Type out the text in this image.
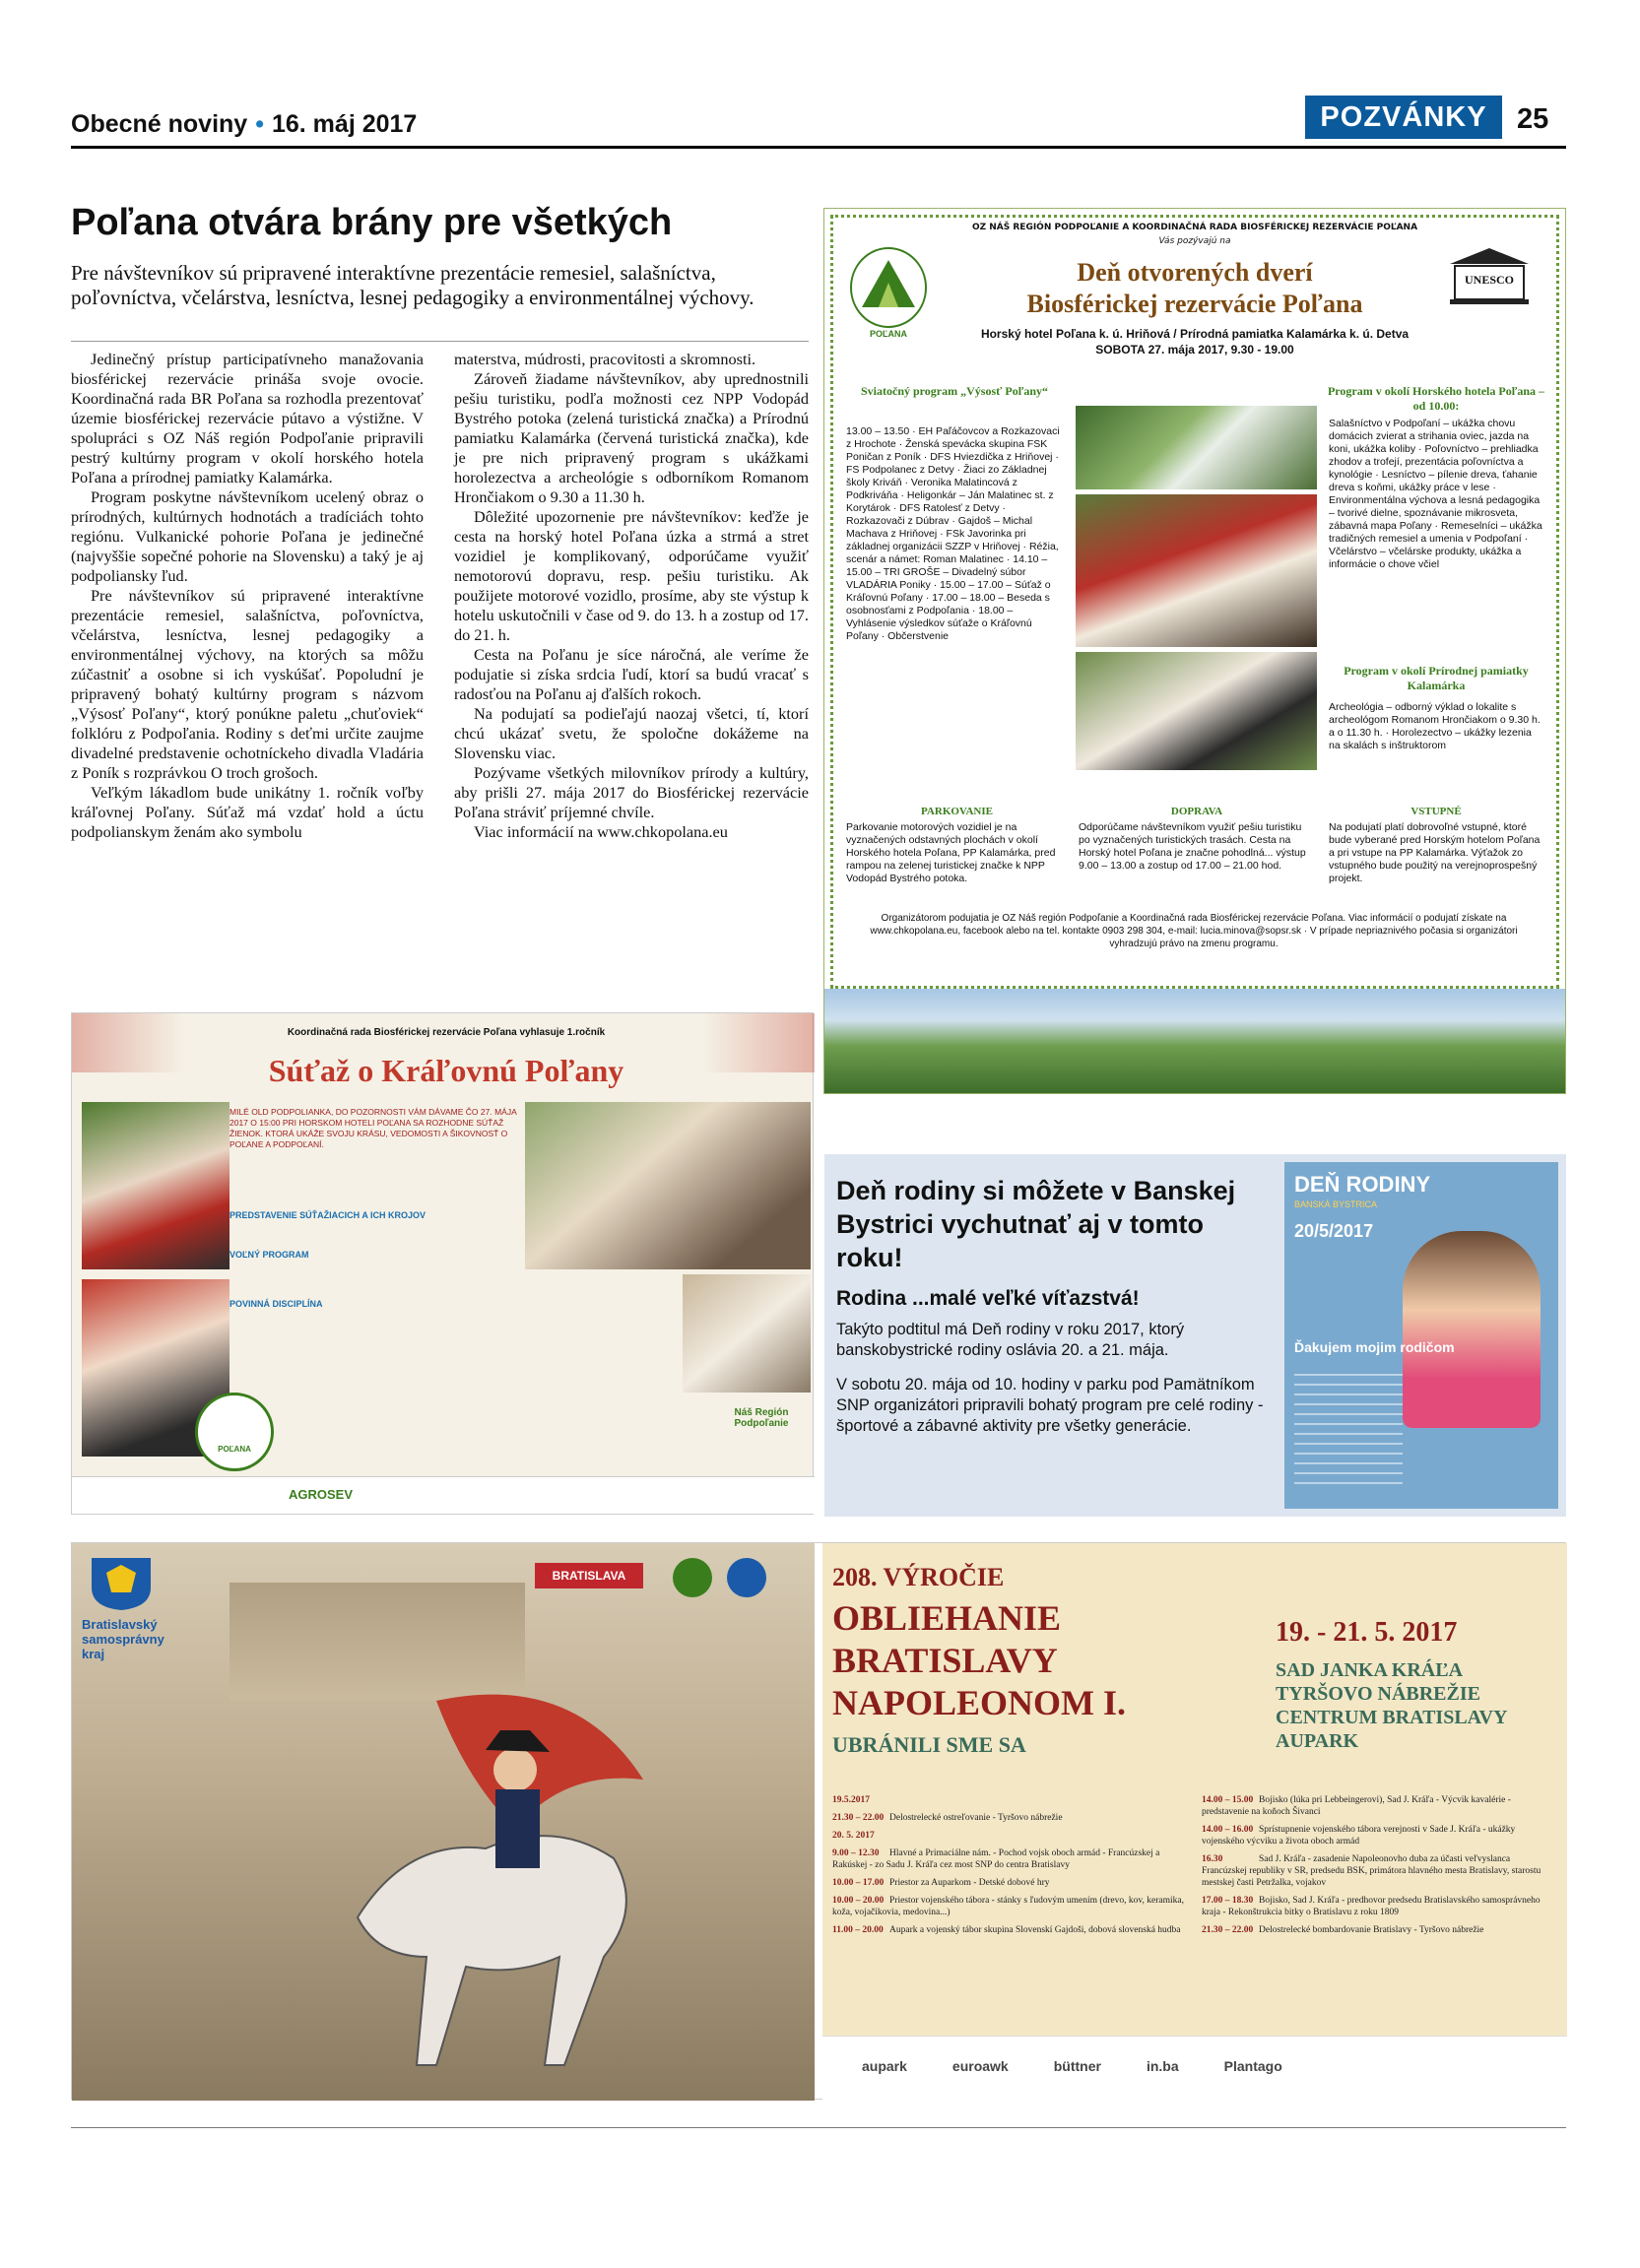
Obecné noviny • 16. máj 2017	POZVÁNKY	25
Poľana otvára brány pre všetkých
Pre návštevníkov sú pripravené interaktívne prezentácie remesiel, salašníctva, poľovníctva, včelárstva, lesníctva, lesnej pedagogiky a environmentálnej výchovy.

Jedinečný prístup participatívneho manažovania biosférickej rezervácie prináša svoje ovocie. Koordinačná rada BR Poľana sa rozhodla prezentovať územie biosférickej rezervácie pútavo a výstižne. V spolupráci s OZ Náš región Podpoľanie pripravili pestrý kultúrny program v okolí horského hotela Poľana a prírodnej pamiatky Kalamárka.

Program poskytne návštevníkom ucelený obraz o prírodných, kultúrnych hodnotách a tradíciách tohto regiónu. Vulkanické pohorie Poľana je jedinečné (najvyššie sopečné pohorie na Slovensku) a taký je aj podpoliansky ľud.

Pre návštevníkov sú pripravené interaktívne prezentácie remesiel, salašníctva, poľovníctva, včelárstva, lesníctva, lesnej pedagogiky a environmentálnej výchovy, na ktorých sa môžu zúčastniť a osobne si ich vyskúšať. Popoludní je pripravený bohatý kultúrny program s názvom „Výsosť Poľany“, ktorý ponúkne paletu „chuťoviek“ folklóru z Podpoľania. Rodiny s deťmi určite zaujme divadelné predstavenie ochotníckeho divadla Vladária z Poník s rozprávkou O troch grošoch.

Veľkým lákadlom bude unikátny 1. ročník voľby kráľovnej Poľany. Súťaž má vzdať hold a úctu podpolianskym ženám ako symbolu

materstva, múdrosti, pracovitosti a skromnosti.

Zároveň žiadame návštevníkov, aby uprednostnili pešiu turistiku, podľa možnosti cez NPP Vodopád Bystrého potoka (zelená turistická značka) a Prírodnú pamiatku Kalamárka (červená turistická značka), kde je pre nich pripravený program s ukážkami horolezectva a archeológie s odborníkom Romanom Hrončiakom o 9.30 a 11.30 h.

Dôležité upozornenie pre návštevníkov: keďže je cesta na horský hotel Poľana úzka a strmá a stret vozidiel je komplikovaný, odporúčame využiť nemotorovú dopravu, resp. pešiu turistiku. Ak použijete motorové vozidlo, prosíme, aby ste výstup k hotelu uskutočnili v čase od 9. do 13. h a zostup od 17. do 21. h.

Cesta na Poľanu je síce náročná, ale veríme že podujatie si získa srdcia ľudí, ktorí sa budú vracať s radosťou na Poľanu aj ďalších rokoch.

Na podujatí sa podieľajú naozaj všetci, tí, ktorí chcú ukázať svetu, že spoločne dokážeme na Slovensku viac.

Pozývame všetkých milovníkov prírody a kultúry, aby prišli 27. mája 2017 do Biosférickej rezervácie Poľana stráviť príjemné chvíle.

Viac informácií na www.chkopolana.eu

OZ NÁŠ REGIÓN PODPOĽANIE A KOORDINAČNÁ RADA BIOSFÉRICKEJ REZERVÁCIE POĽANA
Vás pozývajú na
POĽANA
UNESCO
Deň otvorených dverí
Biosférickej rezervácie Poľana
Horský hotel Poľana k. ú. Hriňová / Prírodná pamiatka Kalamárka k. ú. Detva
SOBOTA 27. mája 2017, 9.30 - 19.00
Sviatočný program „Výsosť Poľany“
13.00 – 13.50 · EH Paľáčovcov a Rozkazovaci z Hrochote · Ženská spevácka skupina FSK Poničan z Poník · DFS Hviezdička z Hriňovej · FS Podpolanec z Detvy · Žiaci zo Základnej školy Kriváň · Veronika Malatincová z Podkriváňa · Heligonkár – Ján Malatinec st. z Korytárok · DFS Ratolesť z Detvy · Rozkazovači z Dúbrav · Gajdoš – Michal Machava z Hriňovej · FSk Javorinka pri základnej organizácii SZZP v Hriňovej · Réžia, scenár a námet: Roman Malatinec · 14.10 – 15.00 – TRI GROŠE – Divadelný súbor VLADÁRIA Poniky · 15.00 – 17.00 – Súťaž o Kráľovnú Poľany · 17.00 – 18.00 – Beseda s osobnosťami z Podpoľania · 18.00 – Vyhlásenie výsledkov súťaže o Kráľovnú Poľany · Občerstvenie
Program v okolí Horského hotela Poľana – od 10.00:
Salašníctvo v Podpoľaní – ukážka chovu domácich zvierat a strihania oviec, jazda na koni, ukážka koliby · Poľovníctvo – prehliadka zhodov a trofejí, prezentácia poľovníctva a kynológie · Lesníctvo – pílenie dreva, ťahanie dreva s koňmi, ukážky práce v lese · Environmentálna výchova a lesná pedagogika – tvorivé dielne, spoznávanie mikrosveta, zábavná mapa Poľany · Remeselníci – ukážka tradičných remesiel a umenia v Podpoľaní · Včelárstvo – včelárske produkty, ukážka a informácie o chove včiel
Program v okolí Prírodnej pamiatky Kalamárka
Archeológia – odborný výklad o lokalite s archeológom Romanom Hrončiakom o 9.30 h. a o 11.30 h. · Horolezectvo – ukážky lezenia na skalách s inštruktorom
PARKOVANIE
Parkovanie motorových vozidiel je na vyznačených odstavných plochách v okolí Horského hotela Poľana, PP Kalamárka, pred rampou na zelenej turistickej značke k NPP Vodopád Bystrého potoka.
DOPRAVA
Odporúčame návštevníkom využiť pešiu turistiku po vyznačených turistických trasách. Cesta na Horský hotel Poľana je značne pohodlná... výstup 9.00 – 13.00 a zostup od 17.00 – 21.00 hod.
VSTUPNÉ
Na podujatí platí dobrovoľné vstupné, ktoré bude vyberané pred Horským hotelom Poľana a pri vstupe na PP Kalamárka. Výťažok zo vstupného bude použitý na verejnoprospešný projekt.
Organizátorom podujatia je OZ Náš región Podpoľanie a Koordinačná rada Biosférickej rezervácie Poľana. Viac informácií o podujatí získate na www.chkopolana.eu, facebook alebo na tel. kontakte 0903 298 304, e-mail: lucia.minova@sopsr.sk · V prípade nepriaznivého počasia si organizátori vyhradzujú právo na zmenu programu.
Koordinačná rada Biosférickej rezervácie Poľana vyhlasuje 1.ročník
Súťaž o Kráľovnú Poľany
MILÉ OLD PODPOLIANKA, DO POZORNOSTI VÁM DÁVAME ČO 27. MÁJA 2017 O 15:00 PRI HORSKOM HOTELI POĽANA SA ROZHODNE SÚŤAŽ ŽIENOK. KTORÁ UKÁŽE SVOJU KRÁSU, VEDOMOSTI A ŠIKOVNOSŤ O POĽANE A PODPOĽANÍ.
PREDSTAVENIE SÚŤAŽIACICH A ICH KROJOV
VOĽNÝ PROGRAM
POVINNÁ DISCIPLÍNA
POĽANA
Náš Región Podpoľanie
AGROSEV
Deň rodiny si môžete v Banskej Bystrici vychutnať aj v tomto roku!
Rodina ...malé veľké víťazstvá!

Takýto podtitul má Deň rodiny v roku 2017, ktorý banskobystrické rodiny oslávia 20. a 21. mája.

V sobotu 20. mája od 10. hodiny v parku pod Pamätníkom SNP organizátori pripravili bohatý program pre celé rodiny - športové a zábavné aktivity pre všetky generácie.

DEŇ RODINY
BANSKÁ BYSTRICA
20/5/2017
Ďakujem mojim rodičom
Bratislavský samosprávny kraj
BRATISLAVA	208. VÝROČIE
OBLIEHANIE
BRATISLAVY
NAPOLEONOM I.
UBRÁNILI SME SA
19. - 21. 5. 2017
SAD JANKA KRÁĽA
TYRŠOVO NÁBREŽIE
CENTRUM BRATISLAVY
AUPARK
19.5.2017
21.30 – 22.00 Delostrelecké ostreľovanie - Tyršovo nábrežie
20. 5. 2017
9.00 – 12.30 Hlavné a Primaciálne nám. - Pochod vojsk oboch armád - Francúzskej a Rakúskej - zo Sadu J. Kráľa cez most SNP do centra Bratislavy
10.00 – 17.00 Priestor za Auparkom - Detské dobové hry
10.00 – 20.00 Priestor vojenského tábora - stánky s ľudovým umením (drevo, kov, keramika, koža, vojačikovia, medovina...)
11.00 – 20.00 Aupark a vojenský tábor skupina Slovenskí Gajdoši, dobová slovenská hudba
14.00 – 15.00 Bojisko (lúka pri Lebbeingerovi), Sad J. Kráľa - Výcvik kavalérie - predstavenie na koňoch Šivanci
14.00 – 16.00 Sprístupnenie vojenského tábora verejnosti v Sade J. Kráľa - ukážky vojenského výcviku a života oboch armád
16.30	Sad J. Kráľa - zasadenie Napoleonovho duba za účasti veľvyslanca Francúzskej republiky v SR, predsedu BSK, primátora hlavného mesta Bratislavy, starostu mestskej časti Petržalka, vojakov
17.00 – 18.30 Bojisko, Sad J. Kráľa - predhovor predsedu Bratislavského samosprávneho kraja - Rekonštrukcia bitky o Bratislavu z roku 1809
21.30 – 22.00 Delostrelecké bombardovanie Bratislavy - Tyršovo nábrežie
aupark	euroawk	büttner	in.ba	Plantago
